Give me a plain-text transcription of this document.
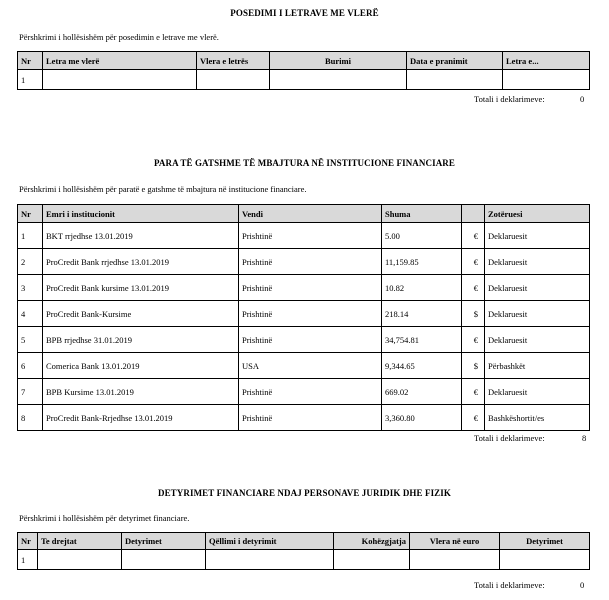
POSEDIMI I LETRAVE ME VLERË
Përshkrimi i hollësishëm për posedimin e letrave me vlerë.
Nr	Letra me vlerë	Vlera e letrës	Burimi	Data e pranimit	Letra e...
1					
Totali i deklarimeve:	0
PARA TË GATSHME TË MBAJTURA NË INSTITUCIONE FINANCIARE
Përshkrimi i hollësishëm për paratë e gatshme të mbajtura në institucione financiare.
Nr	Emri i institucionit	Vendi	Shuma		Zotëruesi
1	BKT rrjedhse 13.01.2019	Prishtinë	5.00	€	Deklaruesit
2	ProCredit Bank rrjedhse 13.01.2019	Prishtinë	11,159.85	€	Deklaruesit
3	ProCredit Bank kursime 13.01.2019	Prishtinë	10.82	€	Deklaruesit
4	ProCredit Bank-Kursime	Prishtinë	218.14	$	Deklaruesit
5	BPB rrjedhse 31.01.2019	Prishtinë	34,754.81	€	Deklaruesit
6	Comerica Bank 13.01.2019	USA	9,344.65	$	Përbashkët
7	BPB Kursime 13.01.2019	Prishtinë	669.02	€	Deklaruesit
8	ProCredit Bank-Rrjedhse 13.01.2019	Prishtinë	3,360.80	€	Bashkëshortit/es
Totali i deklarimeve:	8
DETYRIMET FINANCIARE NDAJ PERSONAVE JURIDIK DHE FIZIK
Përshkrimi i hollësishëm për detyrimet financiare.
Nr	Te drejtat	Detyrimet	Qëllimi i detyrimit	Kohëzgjatja	Vlera në euro	Detyrimet
1						
Totali i deklarimeve:	0
